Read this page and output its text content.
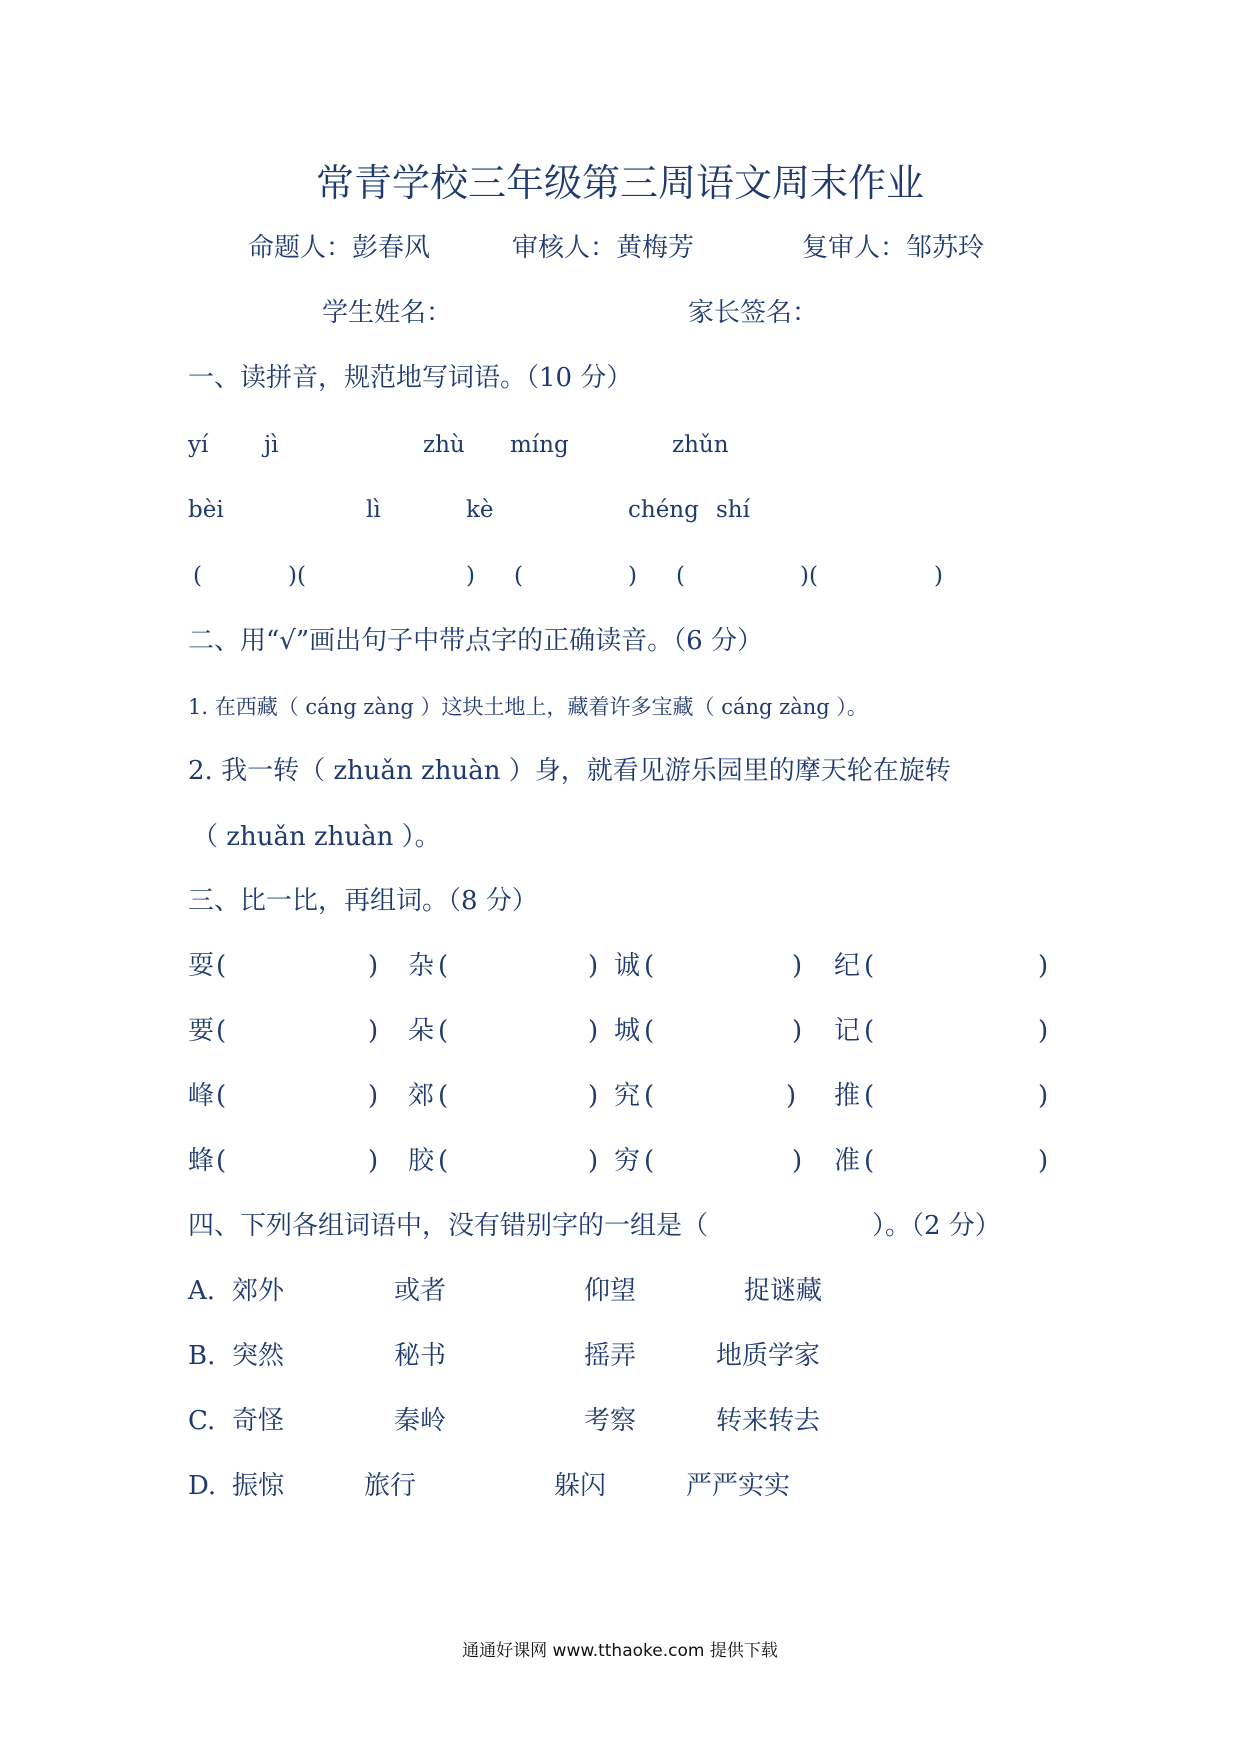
常青学校三年级第三周语文周末作业
命题人：彭春风	审核人：黄梅芳	复审人：邹苏玲
学生姓名：	家长签名：
一、读拼音，规范地写词语。（10 分）
yí jì	zhù míng	zhǔn
bèi	lì	kè	chéng shí
(	)(	) (	) (	)(	)
二、用“√”画出句子中带点字的正确读音。（6 分）
1. 在西藏（ cáng zàng ）这块土地上，藏着许多宝藏（ cáng zàng ）。
2. 我一转（ zhuǎn zhuàn ）身，就看见游乐园里的摩天轮在旋转
（ zhuǎn zhuàn ）。
三、比一比，再组词。（8 分）
耍 (	) 杂 (	) 诚 (	) 纪 (	)
要 (	) 朵 (	) 城 (	) 记 (	)
峰 (	) 郊 (	) 究 (	) 推 (	)
蜂 (	) 胶 (	) 穷 (	) 准 (	)
四、下列各组词语中，没有错别字的一组是（	）。（2 分）
A. 郊外	或者	仰望	捉谜藏
B. 突然	秘书	摇弄	地质学家
C. 奇怪	秦岭	考察	转来转去
D. 振惊	旅行	躲闪	严严实实
通通好课网 www.tthaoke.com 提供下载
